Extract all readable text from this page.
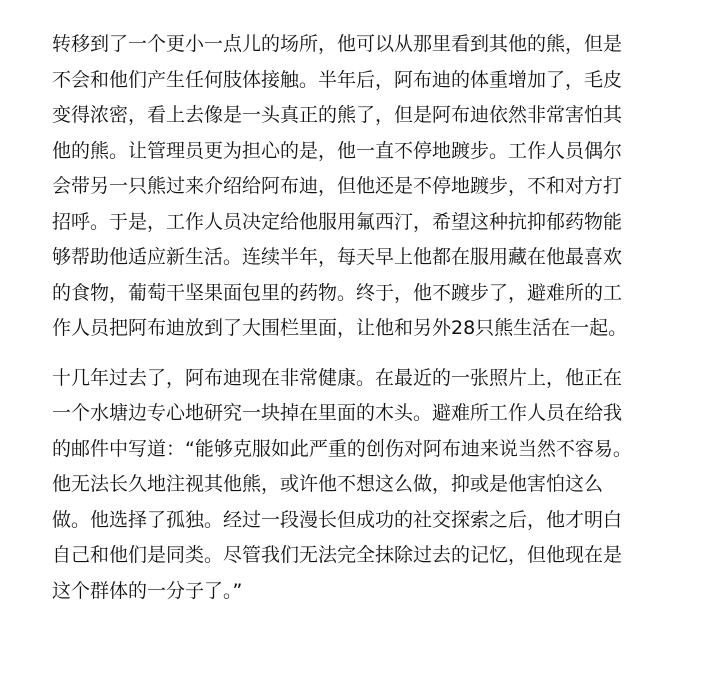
转移到了一个更小一点儿的场所，他可以从那里看到其他的熊，但是
不会和他们产生任何肢体接触。半年后，阿布迪的体重增加了，毛皮
变得浓密，看上去像是一头真正的熊了，但是阿布迪依然非常害怕其
他的熊。让管理员更为担心的是，他一直不停地踱步。工作人员偶尔
会带另一只熊过来介绍给阿布迪，但他还是不停地踱步，不和对方打
招呼。于是，工作人员决定给他服用氟西汀，希望这种抗抑郁药物能
够帮助他适应新生活。连续半年，每天早上他都在服用藏在他最喜欢
的食物，葡萄干坚果面包里的药物。终于，他不踱步了，避难所的工
作人员把阿布迪放到了大围栏里面，让他和另外28只熊生活在一起。

十几年过去了，阿布迪现在非常健康。在最近的一张照片上，他正在
一个水塘边专心地研究一块掉在里面的木头。避难所工作人员在给我
的邮件中写道：“能够克服如此严重的创伤对阿布迪来说当然不容易。
他无法长久地注视其他熊，或许他不想这么做，抑或是他害怕这么
做。他选择了孤独。经过一段漫长但成功的社交探索之后，他才明白
自己和他们是同类。尽管我们无法完全抹除过去的记忆，但他现在是
这个群体的一分子了。”
